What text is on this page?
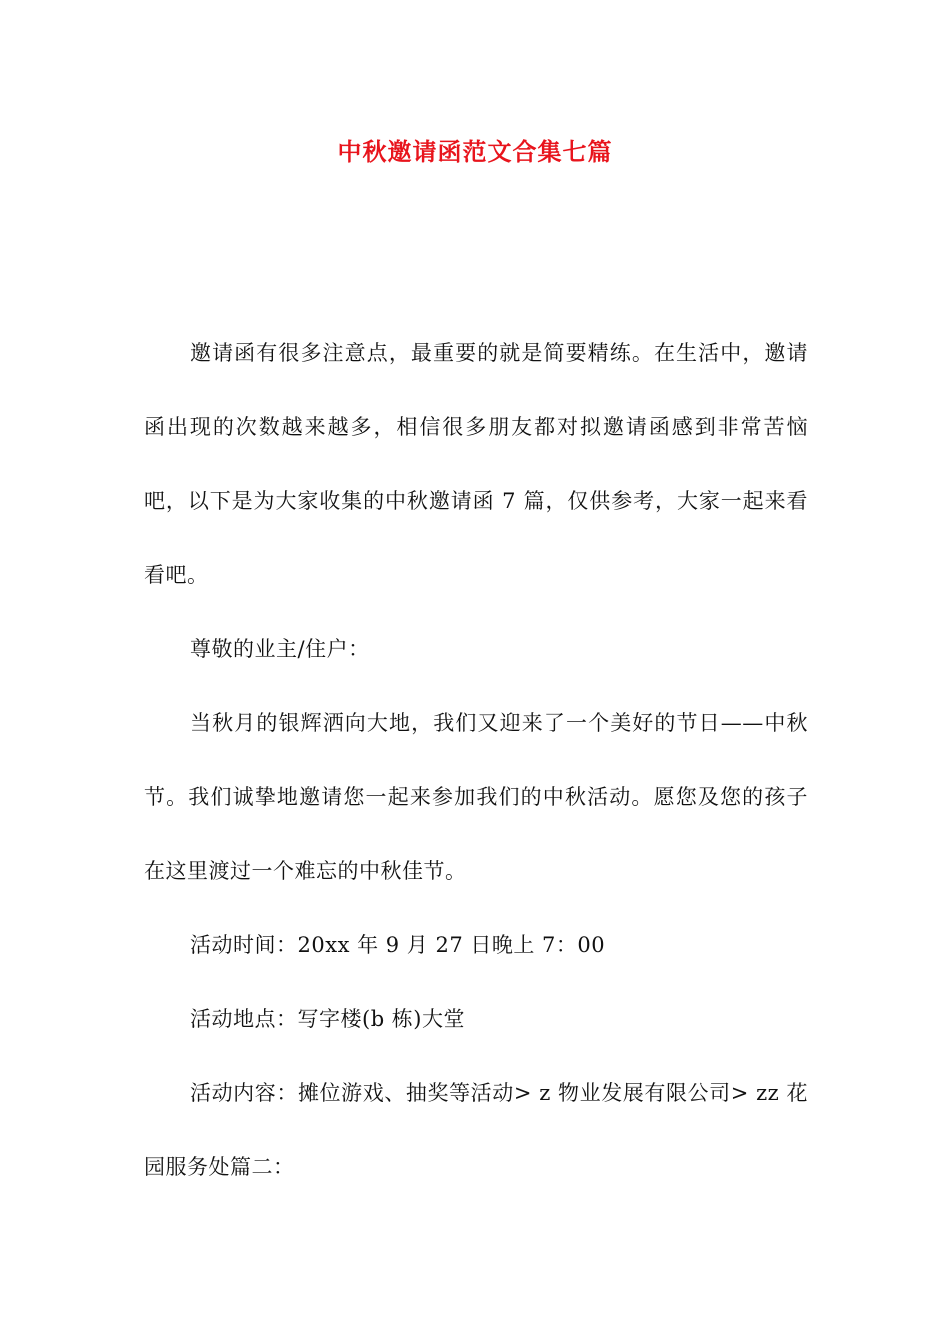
中秋邀请函范文合集七篇

邀请函有很多注意点，最重要的就是简要精练。在生活中，邀请函出现的次数越来越多，相信很多朋友都对拟邀请函感到非常苦恼吧，以下是为大家收集的中秋邀请函 7 篇，仅供参考，大家一起来看看吧。

尊敬的业主/住户：

当秋月的银辉洒向大地，我们又迎来了一个美好的节日——中秋节。我们诚挚地邀请您一起来参加我们的中秋活动。愿您及您的孩子在这里渡过一个难忘的中秋佳节。

活动时间：20xx 年 9 月 27 日晚上 7：00

活动地点：写字楼(b 栋)大堂

活动内容：摊位游戏、抽奖等活动> z 物业发展有限公司> zz 花园服务处篇二：
